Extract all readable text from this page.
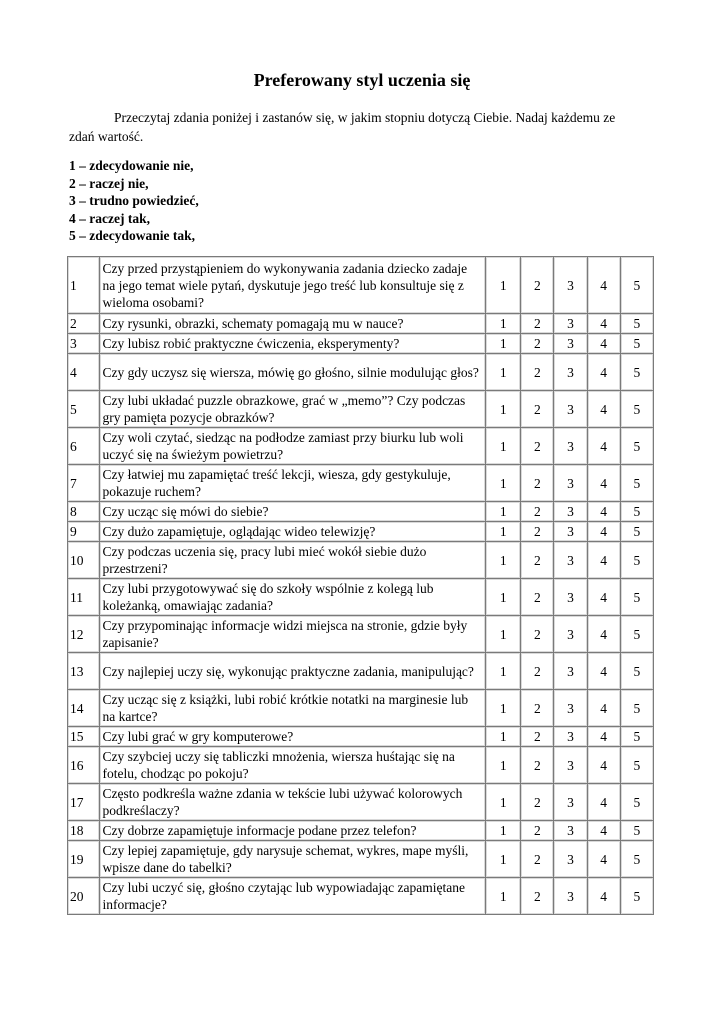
Preferowany styl uczenia się
Przeczytaj zdania poniżej i zastanów się, w jakim stopniu dotyczą Ciebie. Nadaj każdemu ze zdań wartość.
1 – zdecydowanie nie,
2 – raczej nie,
3 – trudno powiedzieć,
4 – raczej tak,
5 – zdecydowanie tak,
1	Czy przed przystąpieniem do wykonywania zadania dziecko zadaje na jego temat wiele pytań, dyskutuje jego treść lub konsultuje się z wieloma osobami?	1	2	3	4	5
2	Czy rysunki, obrazki, schematy pomagają mu w nauce?	1	2	3	4	5
3	Czy lubisz robić praktyczne ćwiczenia, eksperymenty?	1	2	3	4	5
4	Czy gdy uczysz się wiersza, mówię go głośno, silnie modulując głos?	1	2	3	4	5
5	Czy lubi układać puzzle obrazkowe, grać w „memo”? Czy podczas gry pamięta pozycje obrazków?	1	2	3	4	5
6	Czy woli czytać, siedząc na podłodze zamiast przy biurku lub woli uczyć się na świeżym powietrzu?	1	2	3	4	5
7	Czy łatwiej mu zapamiętać treść lekcji, wiesza, gdy gestykuluje, pokazuje ruchem?	1	2	3	4	5
8	Czy ucząc się mówi do siebie?	1	2	3	4	5
9	Czy dużo zapamiętuje, oglądając wideo telewizję?	1	2	3	4	5
10	Czy podczas uczenia się, pracy lubi mieć wokół siebie dużo przestrzeni?	1	2	3	4	5
11	Czy lubi przygotowywać się do szkoły wspólnie z kolegą lub koleżanką, omawiając zadania?	1	2	3	4	5
12	Czy przypominając informacje widzi miejsca na stronie, gdzie były zapisanie?	1	2	3	4	5
13	Czy najlepiej uczy się, wykonując praktyczne zadania, manipulując?	1	2	3	4	5
14	Czy ucząc się z książki, lubi robić krótkie notatki na marginesie lub na kartce?	1	2	3	4	5
15	Czy lubi grać w gry komputerowe?	1	2	3	4	5
16	Czy szybciej uczy się tabliczki mnożenia, wiersza huśtając się na fotelu, chodząc po pokoju?	1	2	3	4	5
17	Często podkreśla ważne zdania w tekście lubi używać kolorowych podkreślaczy?	1	2	3	4	5
18	Czy dobrze zapamiętuje informacje podane przez telefon?	1	2	3	4	5
19	Czy lepiej zapamiętuje, gdy narysuje schemat, wykres, mape myśli, wpisze dane do tabelki?	1	2	3	4	5
20	Czy lubi uczyć się, głośno czytając lub wypowiadając zapamiętane informacje?	1	2	3	4	5
